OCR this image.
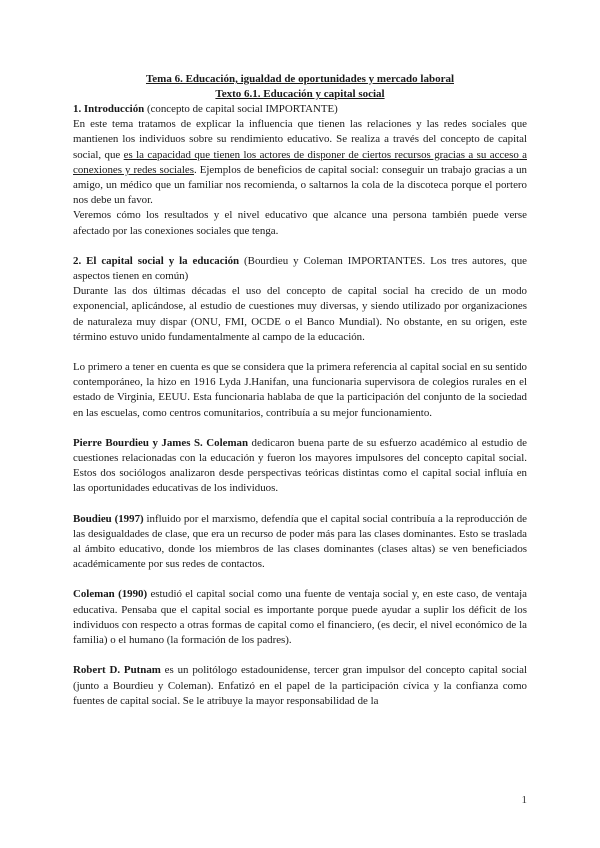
Tema 6. Educación, igualdad de oportunidades y mercado laboral

Texto 6.1. Educación y capital social

1. Introducción (concepto de capital social IMPORTANTE)

En este tema tratamos de explicar la influencia que tienen las relaciones y las redes sociales que mantienen los individuos sobre su rendimiento educativo. Se realiza a través del concepto de capital social, que es la capacidad que tienen los actores de disponer de ciertos recursos gracias a su acceso a conexiones y redes sociales. Ejemplos de beneficios de capital social: conseguir un trabajo gracias a un amigo, un médico que un familiar nos recomienda, o saltarnos la cola de la discoteca porque el portero nos debe un favor.

Veremos cómo los resultados y el nivel educativo que alcance una persona también puede verse afectado por las conexiones sociales que tenga.

2. El capital social y la educación (Bourdieu y Coleman IMPORTANTES. Los tres autores, que aspectos tienen en común)

Durante las dos últimas décadas el uso del concepto de capital social ha crecido de un modo exponencial, aplicándose, al estudio de cuestiones muy diversas, y siendo utilizado por organizaciones de naturaleza muy dispar (ONU, FMI, OCDE o el Banco Mundial). No obstante, en su origen, este término estuvo unido fundamentalmente al campo de la educación.

Lo primero a tener en cuenta es que se considera que la primera referencia al capital social en su sentido contemporáneo, la hizo en 1916 Lyda J.Hanifan, una funcionaria supervisora de colegios rurales en el estado de Virginia, EEUU. Esta funcionaria hablaba de que la participación del conjunto de la sociedad en las escuelas, como centros comunitarios, contribuía a su mejor funcionamiento.

Pierre Bourdieu y James S. Coleman dedicaron buena parte de su esfuerzo académico al estudio de cuestiones relacionadas con la educación y fueron los mayores impulsores del concepto capital social. Estos dos sociólogos analizaron desde perspectivas teóricas distintas como el capital social influía en las oportunidades educativas de los individuos.

Boudieu (1997) influido por el marxismo, defendía que el capital social contribuía a la reproducción de las desigualdades de clase, que era un recurso de poder más para las clases dominantes. Esto se traslada al ámbito educativo, donde los miembros de las clases dominantes (clases altas) se ven beneficiados académicamente por sus redes de contactos.

Coleman (1990) estudió el capital social como una fuente de ventaja social y, en este caso, de ventaja educativa. Pensaba que el capital social es importante porque puede ayudar a suplir los déficit de los individuos con respecto a otras formas de capital como el financiero, (es decir, el nivel económico de la familia) o el humano (la formación de los padres).

Robert D. Putnam es un politólogo estadounidense, tercer gran impulsor del concepto capital social (junto a Bourdieu y Coleman). Enfatizó en el papel de la participación cívica y la confianza como fuentes de capital social. Se le atribuye la mayor responsabilidad de la

1
